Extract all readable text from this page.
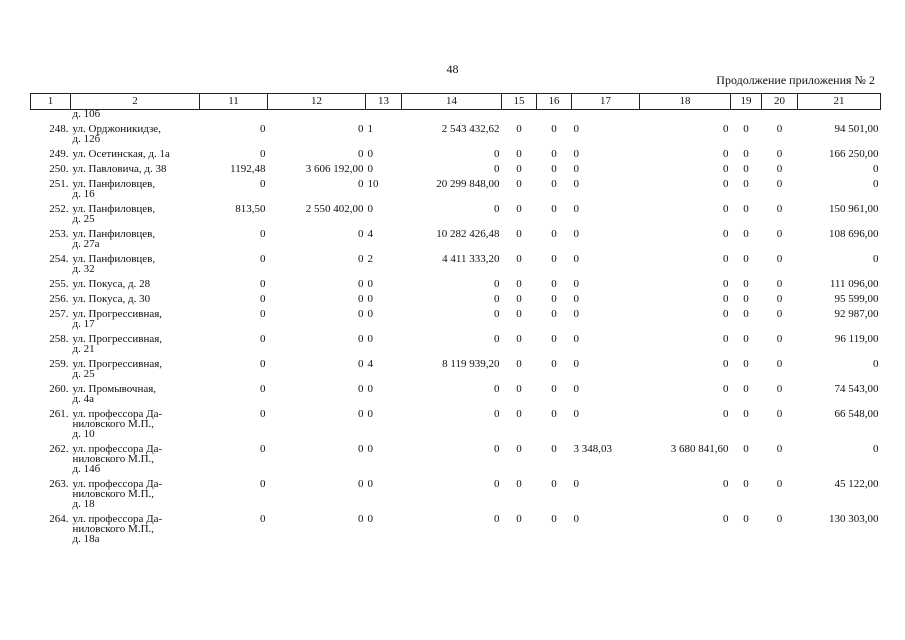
48
Продолжение приложения № 2
1	2	11	12	13	14	15	16	17	18	19	20	21
	д. 10б											
248.	ул. Орджоникидзе,
д. 12б	0	0	1	2 543 432,62	0	0	0	0	0	0	94 501,00
249.	ул. Осетинская, д. 1а	0	0	0	0	0	0	0	0	0	0	166 250,00
250.	ул. Павловича, д. 38	1192,48	3 606 192,00	0	0	0	0	0	0	0	0	0
251.	ул. Панфиловцев,
д. 16	0	0	10	20 299 848,00	0	0	0	0	0	0	0
252.	ул. Панфиловцев,
д. 25	813,50	2 550 402,00	0	0	0	0	0	0	0	0	150 961,00
253.	ул. Панфиловцев,
д. 27а	0	0	4	10 282 426,48	0	0	0	0	0	0	108 696,00
254.	ул. Панфиловцев,
д. 32	0	0	2	4 411 333,20	0	0	0	0	0	0	0
255.	ул. Покуса, д. 28	0	0	0	0	0	0	0	0	0	0	111 096,00
256.	ул. Покуса, д. 30	0	0	0	0	0	0	0	0	0	0	95 599,00
257.	ул. Прогрессивная,
д. 17	0	0	0	0	0	0	0	0	0	0	92 987,00
258.	ул. Прогрессивная,
д. 21	0	0	0	0	0	0	0	0	0	0	96 119,00
259.	ул. Прогрессивная,
д. 25	0	0	4	8 119 939,20	0	0	0	0	0	0	0
260.	ул. Промывочная,
д. 4а	0	0	0	0	0	0	0	0	0	0	74 543,00
261.	ул. профессора Да-
ниловского М.П.,
д. 10	0	0	0	0	0	0	0	0	0	0	66 548,00
262.	ул. профессора Да-
ниловского М.П.,
д. 14б	0	0	0	0	0	0	3 348,03	3 680 841,60	0	0	0
263.	ул. профессора Да-
ниловского М.П.,
д. 18	0	0	0	0	0	0	0	0	0	0	45 122,00
264.	ул. профессора Да-
ниловского М.П.,
д. 18а	0	0	0	0	0	0	0	0	0	0	130 303,00
